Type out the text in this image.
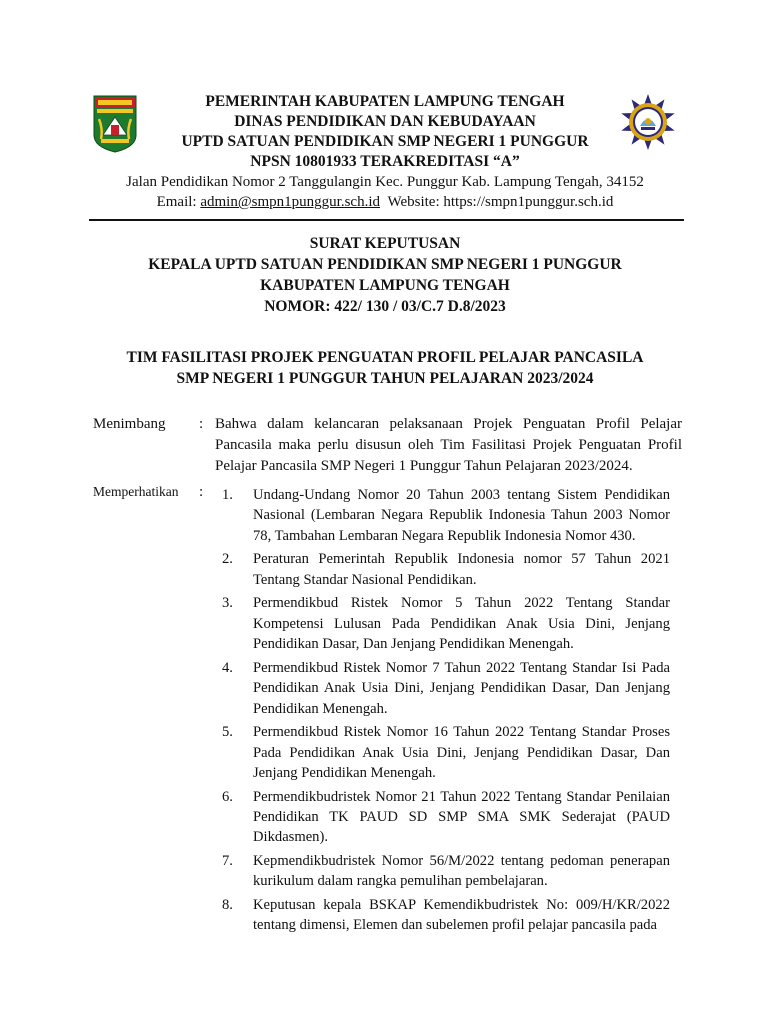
PEMERINTAH KABUPATEN LAMPUNG TENGAH
DINAS PENDIDIKAN DAN KEBUDAYAAN
UPTD SATUAN PENDIDIKAN SMP NEGERI 1 PUNGGUR
NPSN 10801933 TERAKREDITASI “A”
Jalan Pendidikan Nomor 2 Tanggulangin Kec. Punggur Kab. Lampung Tengah, 34152
Email: admin@smpn1punggur.sch.id Website: https://smpn1punggur.sch.id
SURAT KEPUTUSAN
KEPALA UPTD SATUAN PENDIDIKAN SMP NEGERI 1 PUNGGUR
KABUPATEN LAMPUNG TENGAH
NOMOR: 422/ 130 / 03/C.7 D.8/2023
TIM FASILITASI PROJEK PENGUATAN PROFIL PELAJAR PANCASILA
SMP NEGERI 1 PUNGGUR TAHUN PELAJARAN 2023/2024
Menimbang : Bahwa dalam kelancaran pelaksanaan Projek Penguatan Profil Pelajar Pancasila maka perlu disusun oleh Tim Fasilitasi Projek Penguatan Profil Pelajar Pancasila SMP Negeri 1 Punggur Tahun Pelajaran 2023/2024.
Memperhatikan : 1. Undang-Undang Nomor 20 Tahun 2003 tentang Sistem Pendidikan Nasional (Lembaran Negara Republik Indonesia Tahun 2003 Nomor 78, Tambahan Lembaran Negara Republik Indonesia Nomor 430.
2. Peraturan Pemerintah Republik Indonesia nomor 57 Tahun 2021 Tentang Standar Nasional Pendidikan.
3. Permendikbud Ristek Nomor 5 Tahun 2022 Tentang Standar Kompetensi Lulusan Pada Pendidikan Anak Usia Dini, Jenjang Pendidikan Dasar, Dan Jenjang Pendidikan Menengah.
4. Permendikbud Ristek Nomor 7 Tahun 2022 Tentang Standar Isi Pada Pendidikan Anak Usia Dini, Jenjang Pendidikan Dasar, Dan Jenjang Pendidikan Menengah.
5. Permendikbud Ristek Nomor 16 Tahun 2022 Tentang Standar Proses Pada Pendidikan Anak Usia Dini, Jenjang Pendidikan Dasar, Dan Jenjang Pendidikan Menengah.
6. Permendikbudristek Nomor 21 Tahun 2022 Tentang Standar Penilaian Pendidikan TK PAUD SD SMP SMA SMK Sederajat (PAUD Dikdasmen).
7. Kepmendikbudristek Nomor 56/M/2022 tentang pedoman penerapan kurikulum dalam rangka pemulihan pembelajaran.
8. Keputusan kepala BSKAP Kemendikbudristek No: 009/H/KR/2022 tentang dimensi, Elemen dan subelemen profil pelajar pancasila pada
